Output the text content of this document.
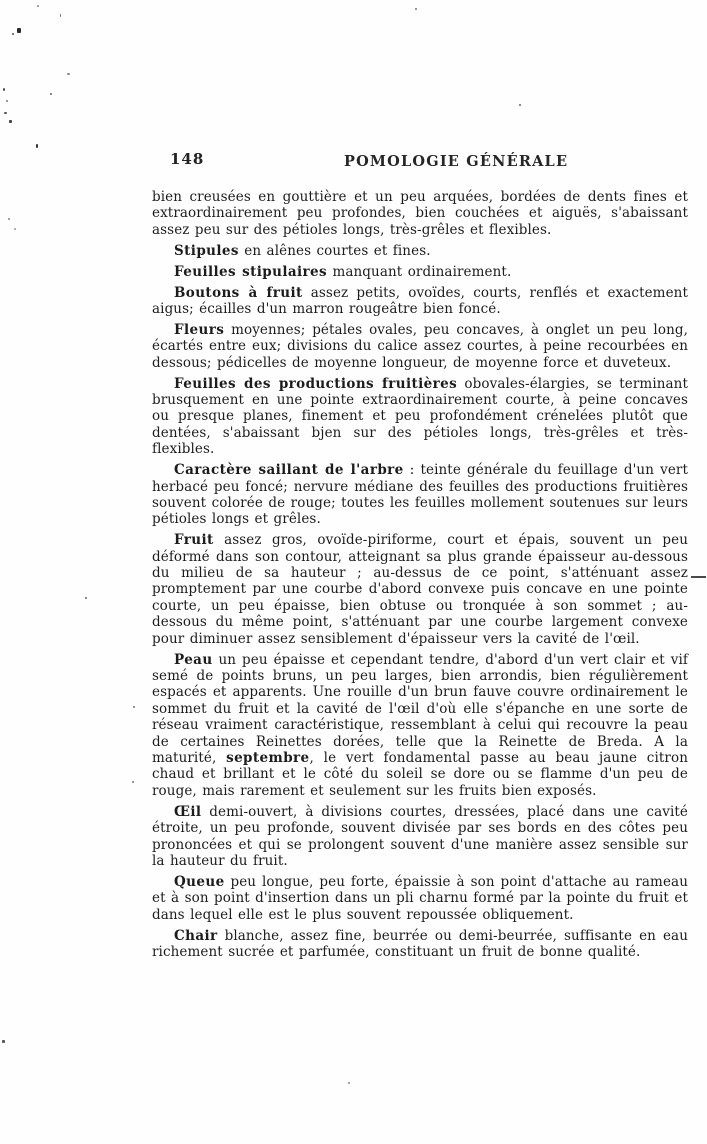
148	POMOLOGIE GÉNÉRALE

bien creusées en gouttière et un peu arquées, bordées de dents fines et extraordinairement peu profondes, bien couchées et aiguës, s'abaissant assez peu sur des pétioles longs, très-grêles et flexibles.

Stipules en alênes courtes et fines.

Feuilles stipulaires manquant ordinairement.

Boutons à fruit assez petits, ovoïdes, courts, renflés et exactement aigus; écailles d'un marron rougeâtre bien foncé.

Fleurs moyennes; pétales ovales, peu concaves, à onglet un peu long, écartés entre eux; divisions du calice assez courtes, à peine recourbées en dessous; pédicelles de moyenne longueur, de moyenne force et duveteux.

Feuilles des productions fruitières obovales-élargies, se terminant brusquement en une pointe extraordinairement courte, à peine concaves ou presque planes, finement et peu profondément crénelées plutôt que dentées, s'abaissant bjen sur des pétioles longs, très-grêles et très-flexibles.

Caractère saillant de l'arbre : teinte générale du feuillage d'un vert herbacé peu foncé; nervure médiane des feuilles des productions fruitières souvent colorée de rouge; toutes les feuilles mollement soutenues sur leurs pétioles longs et grêles.

Fruit assez gros, ovoïde-piriforme, court et épais, souvent un peu déformé dans son contour, atteignant sa plus grande épaisseur au-dessous du milieu de sa hauteur ; au-dessus de ce point, s'atténuant assez promptement par une courbe d'abord convexe puis concave en une pointe courte, un peu épaisse, bien obtuse ou tronquée à son sommet ; au-dessous du même point, s'atténuant par une courbe largement convexe pour diminuer assez sensiblement d'épaisseur vers la cavité de l'œil.

Peau un peu épaisse et cependant tendre, d'abord d'un vert clair et vif semé de points bruns, un peu larges, bien arrondis, bien régulièrement espacés et apparents. Une rouille d'un brun fauve couvre ordinairement le sommet du fruit et la cavité de l'œil d'où elle s'épanche en une sorte de réseau vraiment caractéristique, ressemblant à celui qui recouvre la peau de certaines Reinettes dorées, telle que la Reinette de Breda. A la maturité, septembre, le vert fondamental passe au beau jaune citron chaud et brillant et le côté du soleil se dore ou se flamme d'un peu de rouge, mais rarement et seulement sur les fruits bien exposés.

Œil demi-ouvert, à divisions courtes, dressées, placé dans une cavité étroite, un peu profonde, souvent divisée par ses bords en des côtes peu prononcées et qui se prolongent souvent d'une manière assez sensible sur la hauteur du fruit.

Queue peu longue, peu forte, épaissie à son point d'attache au rameau et à son point d'insertion dans un pli charnu formé par la pointe du fruit et dans lequel elle est le plus souvent repoussée obliquement.

Chair blanche, assez fine, beurrée ou demi-beurrée, suffisante en eau richement sucrée et parfumée, constituant un fruit de bonne qualité.
